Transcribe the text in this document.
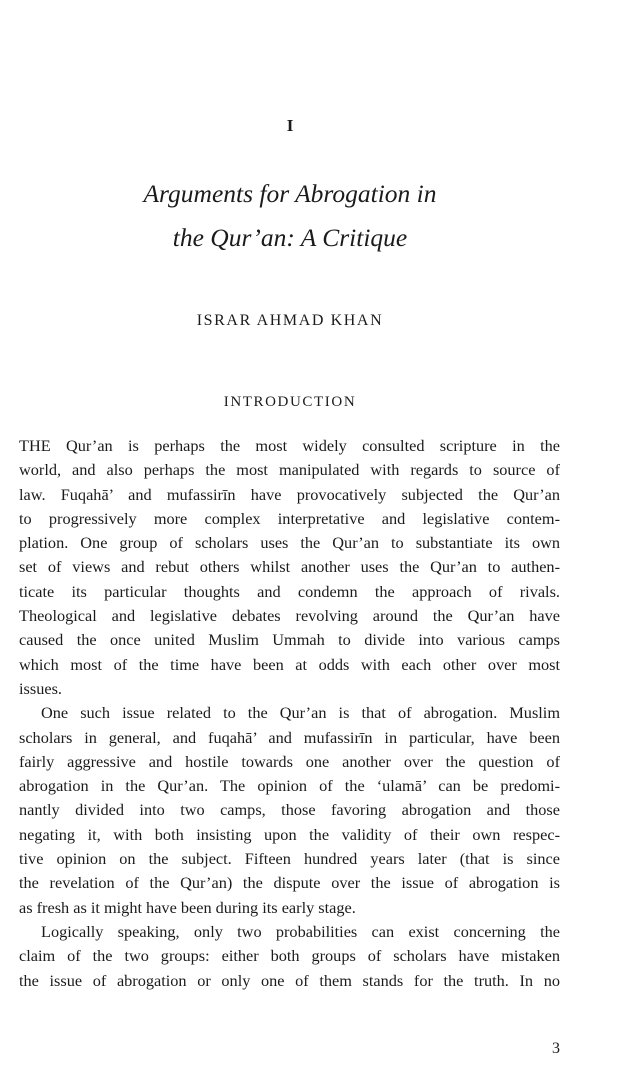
I
Arguments for Abrogation in
the Qur’an: A Critique
ISRAR AHMAD KHAN
INTRODUCTION
THE Qur’an is perhaps the most widely consulted scripture in the
world, and also perhaps the most manipulated with regards to source of
law. Fuqahā’ and mufassirīn have provocatively subjected the Qur’an
to progressively more complex interpretative and legislative contem-
plation. One group of scholars uses the Qur’an to substantiate its own
set of views and rebut others whilst another uses the Qur’an to authen-
ticate its particular thoughts and condemn the approach of rivals.
Theological and legislative debates revolving around the Qur’an have
caused the once united Muslim Ummah to divide into various camps
which most of the time have been at odds with each other over most
issues.
One such issue related to the Qur’an is that of abrogation. Muslim
scholars in general, and fuqahā’ and mufassirīn in particular, have been
fairly aggressive and hostile towards one another over the question of
abrogation in the Qur’an. The opinion of the ‘ulamā’ can be predomi-
nantly divided into two camps, those favoring abrogation and those
negating it, with both insisting upon the validity of their own respec-
tive opinion on the subject. Fifteen hundred years later (that is since
the revelation of the Qur’an) the dispute over the issue of abrogation is
as fresh as it might have been during its early stage.
Logically speaking, only two probabilities can exist concerning the
claim of the two groups: either both groups of scholars have mistaken
the issue of abrogation or only one of them stands for the truth. In no
3
